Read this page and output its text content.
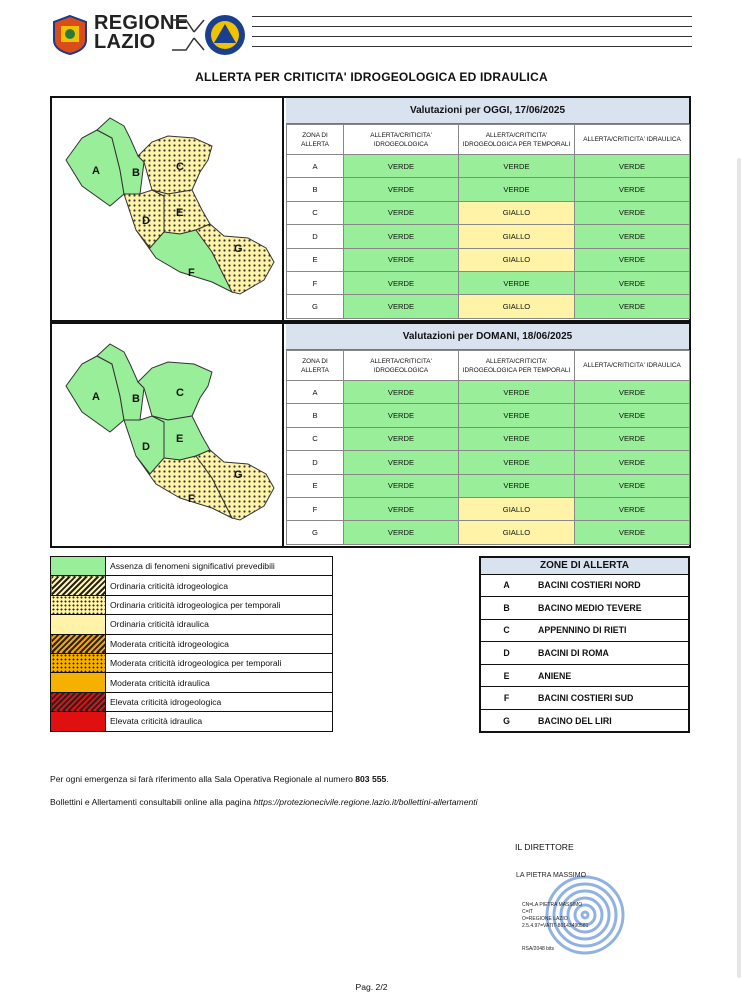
REGIONE
LAZIO
ALLERTA PER CRITICITA' IDROGEOLOGICA ED IDRAULICA
A	B	C
D
E
F
G
Valutazioni per OGGI, 17/06/2025
ZONA DI ALLERTA	ALLERTA/CRITICITA' IDROGEOLOGICA	ALLERTA/CRITICITA' IDROGEOLOGICA PER TEMPORALI	ALLERTA/CRITICITA' IDRAULICA
A	VERDE	VERDE	VERDE
B	VERDE	VERDE	VERDE
C	VERDE	GIALLO	VERDE
D	VERDE	GIALLO	VERDE
E	VERDE	GIALLO	VERDE
F	VERDE	VERDE	VERDE
G	VERDE	GIALLO	VERDE
A	B	C
D
E
F
G
Valutazioni per DOMANI, 18/06/2025
ZONA DI ALLERTA	ALLERTA/CRITICITA' IDROGEOLOGICA	ALLERTA/CRITICITA' IDROGEOLOGICA PER TEMPORALI	ALLERTA/CRITICITA' IDRAULICA
A	VERDE	VERDE	VERDE
B	VERDE	VERDE	VERDE
C	VERDE	VERDE	VERDE
D	VERDE	VERDE	VERDE
E	VERDE	VERDE	VERDE
F	VERDE	GIALLO	VERDE
G	VERDE	GIALLO	VERDE
	Assenza di fenomeni significativi prevedibili
	Ordinaria criticità idrogeologica
	Ordinaria criticità idrogeologica per temporali
	Ordinaria criticità idraulica
	Moderata criticità idrogeologica
	Moderata criticità idrogeologica per temporali
	Moderata criticità idraulica
	Elevata criticità idrogeologica
	Elevata criticità idraulica
ZONE DI ALLERTA	
A	BACINI COSTIERI NORD
B	BACINO MEDIO TEVERE
C	APPENNINO DI RIETI
D	BACINI DI ROMA
E	ANIENE
F	BACINI COSTIERI SUD
G	BACINO DEL LIRI
Per ogni emergenza si farà riferimento alla Sala Operativa Regionale al numero 803 555.
Bollettini e Allertamenti consultabili online alla pagina https://protezionecivile.regione.lazio.it/bollettini-allertamenti
IL DIRETTORE
LA PIETRA MASSIMO
CN=LA PIETRA MASSIMO
C=IT
O=REGIONE LAZIO
2.5.4.97=VATIT-80143490581
RSA/2048 bits
Pag. 2/2
